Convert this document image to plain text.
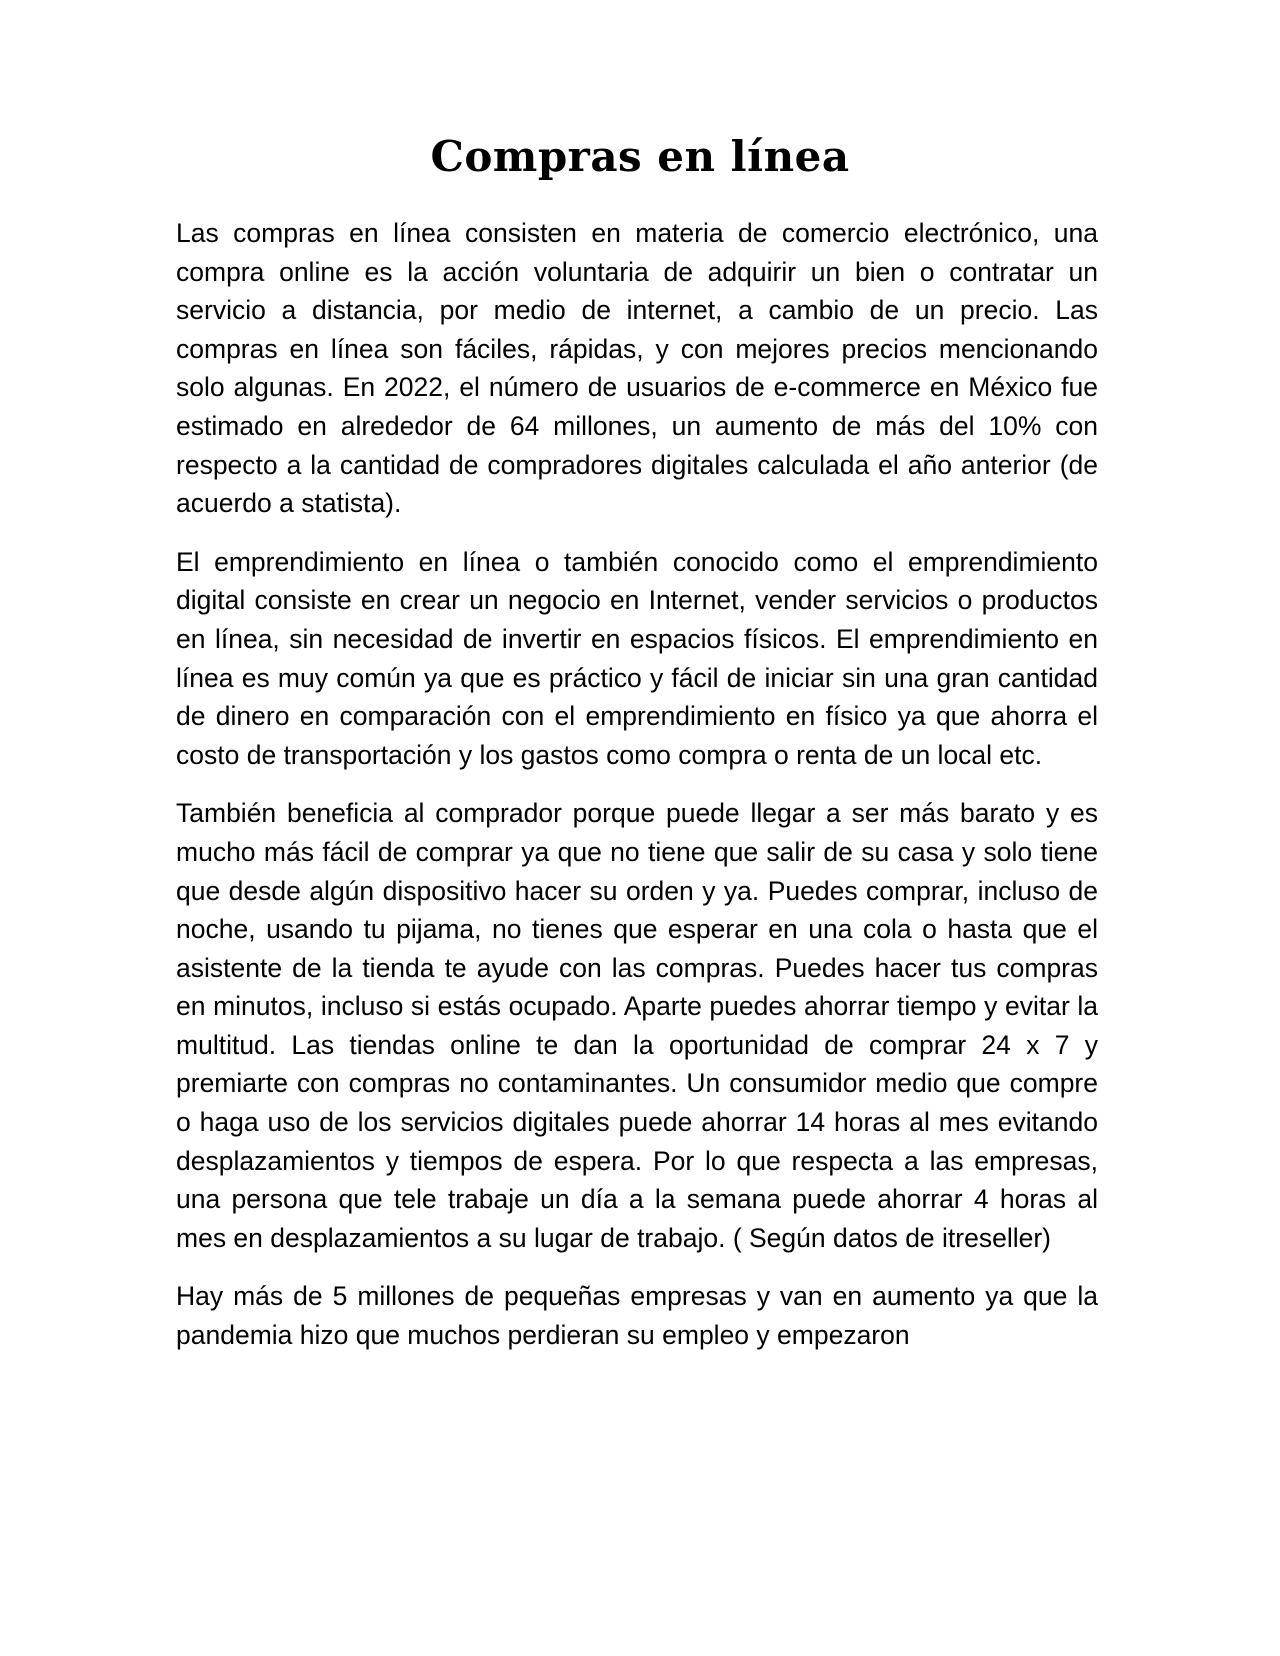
Compras en línea

Las compras en línea consisten en materia de comercio electrónico, una compra online es la acción voluntaria de adquirir un bien o contratar un servicio a distancia, por medio de internet, a cambio de un precio. Las compras en línea son fáciles, rápidas, y con mejores precios mencionando solo algunas. En 2022, el número de usuarios de e-commerce en México fue estimado en alrededor de 64 millones, un aumento de más del 10% con respecto a la cantidad de compradores digitales calculada el año anterior (de acuerdo a statista).

El emprendimiento en línea o también conocido como el emprendimiento digital consiste en crear un negocio en Internet, vender servicios o productos en línea, sin necesidad de invertir en espacios físicos. El emprendimiento en línea es muy común ya que es práctico y fácil de iniciar sin una gran cantidad de dinero en comparación con el emprendimiento en físico ya que ahorra el costo de transportación y los gastos como compra o renta de un local etc.

También beneficia al comprador porque puede llegar a ser más barato y es mucho más fácil de comprar ya que no tiene que salir de su casa y solo tiene que desde algún dispositivo hacer su orden y ya. Puedes comprar, incluso de noche, usando tu pijama, no tienes que esperar en una cola o hasta que el asistente de la tienda te ayude con las compras. Puedes hacer tus compras en minutos, incluso si estás ocupado. Aparte puedes ahorrar tiempo y evitar la multitud. Las tiendas online te dan la oportunidad de comprar 24 x 7 y premiarte con compras no contaminantes. Un consumidor medio que compre o haga uso de los servicios digitales puede ahorrar 14 horas al mes evitando desplazamientos y tiempos de espera. Por lo que respecta a las empresas, una persona que tele trabaje un día a la semana puede ahorrar 4 horas al mes en desplazamientos a su lugar de trabajo. ( Según datos de itreseller)

Hay más de 5 millones de pequeñas empresas y van en aumento ya que la pandemia hizo que muchos perdieran su empleo y empezaron
